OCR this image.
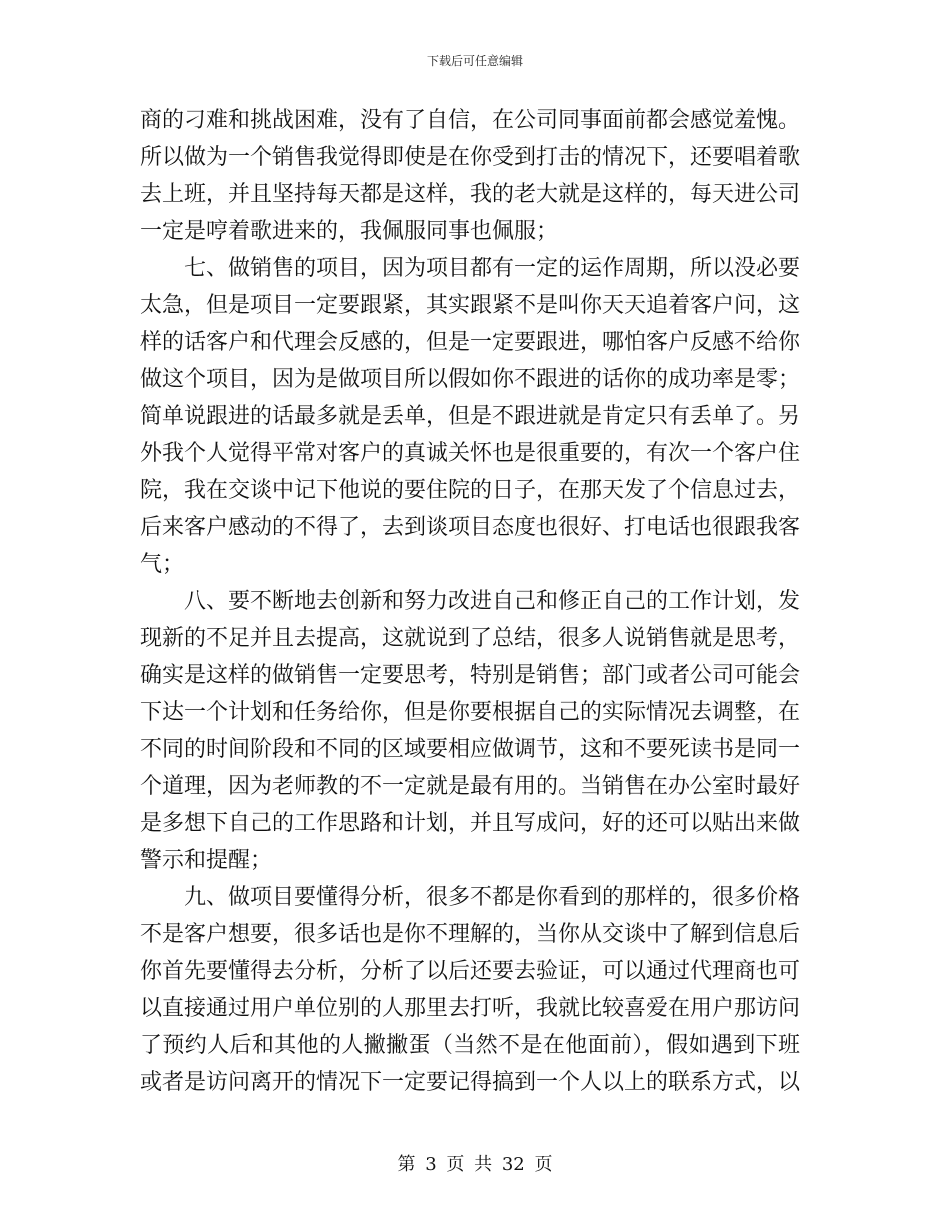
下载后可任意编辑
商的刁难和挑战困难，没有了自信，在公司同事面前都会感觉羞愧。
所以做为一个销售我觉得即使是在你受到打击的情况下，还要唱着歌
去上班，并且坚持每天都是这样，我的老大就是这样的，每天进公司
一定是哼着歌进来的，我佩服同事也佩服；
七、做销售的项目，因为项目都有一定的运作周期，所以没必要
太急，但是项目一定要跟紧，其实跟紧不是叫你天天追着客户问，这
样的话客户和代理会反感的，但是一定要跟进，哪怕客户反感不给你
做这个项目，因为是做项目所以假如你不跟进的话你的成功率是零；
简单说跟进的话最多就是丢单，但是不跟进就是肯定只有丢单了。另
外我个人觉得平常对客户的真诚关怀也是很重要的，有次一个客户住
院，我在交谈中记下他说的要住院的日子，在那天发了个信息过去，
后来客户感动的不得了，去到谈项目态度也很好、打电话也很跟我客
气；
八、要不断地去创新和努力改进自己和修正自己的工作计划，发
现新的不足并且去提高，这就说到了总结，很多人说销售就是思考，
确实是这样的做销售一定要思考，特别是销售；部门或者公司可能会
下达一个计划和任务给你，但是你要根据自己的实际情况去调整，在
不同的时间阶段和不同的区域要相应做调节，这和不要死读书是同一
个道理，因为老师教的不一定就是最有用的。当销售在办公室时最好
是多想下自己的工作思路和计划，并且写成问，好的还可以贴出来做
警示和提醒；
九、做项目要懂得分析，很多不都是你看到的那样的，很多价格
不是客户想要，很多话也是你不理解的，当你从交谈中了解到信息后
你首先要懂得去分析，分析了以后还要去验证，可以通过代理商也可
以直接通过用户单位别的人那里去打听，我就比较喜爱在用户那访问
了预约人后和其他的人撇撇蛋（当然不是在他面前），假如遇到下班
或者是访问离开的情况下一定要记得搞到一个人以上的联系方式，以
第 3 页 共 32 页
